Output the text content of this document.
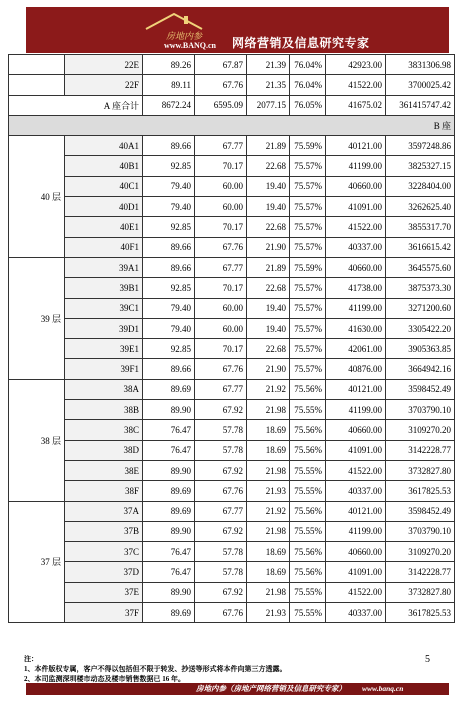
房地内参
www.BANQ.cn 网络营销及信息研究专家
	22E	89.26	67.87	21.39	76.04%	42923.00	3831306.98
	22F	89.11	67.76	21.35	76.04%	41522.00	3700025.42
A 座合计		8672.24	6595.09	2077.15	76.05%	41675.02	361415747.42
B 座							
40 层	40A1	89.66	67.77	21.89	75.59%	40121.00	3597248.86
	40B1	92.85	70.17	22.68	75.57%	41199.00	3825327.15
	40C1	79.40	60.00	19.40	75.57%	40660.00	3228404.00
	40D1	79.40	60.00	19.40	75.57%	41091.00	3262625.40
	40E1	92.85	70.17	22.68	75.57%	41522.00	3855317.70
	40F1	89.66	67.76	21.90	75.57%	40337.00	3616615.42
39 层	39A1	89.66	67.77	21.89	75.59%	40660.00	3645575.60
	39B1	92.85	70.17	22.68	75.57%	41738.00	3875373.30
	39C1	79.40	60.00	19.40	75.57%	41199.00	3271200.60
	39D1	79.40	60.00	19.40	75.57%	41630.00	3305422.20
	39E1	92.85	70.17	22.68	75.57%	42061.00	3905363.85
	39F1	89.66	67.76	21.90	75.57%	40876.00	3664942.16
38 层	38A	89.69	67.77	21.92	75.56%	40121.00	3598452.49
	38B	89.90	67.92	21.98	75.55%	41199.00	3703790.10
	38C	76.47	57.78	18.69	75.56%	40660.00	3109270.20
	38D	76.47	57.78	18.69	75.56%	41091.00	3142228.77
	38E	89.90	67.92	21.98	75.55%	41522.00	3732827.80
	38F	89.69	67.76	21.93	75.55%	40337.00	3617825.53
37 层	37A	89.69	67.77	21.92	75.56%	40121.00	3598452.49
	37B	89.90	67.92	21.98	75.55%	41199.00	3703790.10
	37C	76.47	57.78	18.69	75.56%	40660.00	3109270.20
	37D	76.47	57.78	18.69	75.56%	41091.00	3142228.77
	37E	89.90	67.92	21.98	75.55%	41522.00	3732827.80
	37F	89.69	67.76	21.93	75.55%	40337.00	3617825.53
注：
1、本件版权专属，客户不得以包括但不限于转发、抄送等形式将本件向第三方透露。
2、本司监测深圳楼市动态及楼市销售数据已 16 年。
5
房地内参（房地产网络营销及信息研究专家） www.banq.cn
